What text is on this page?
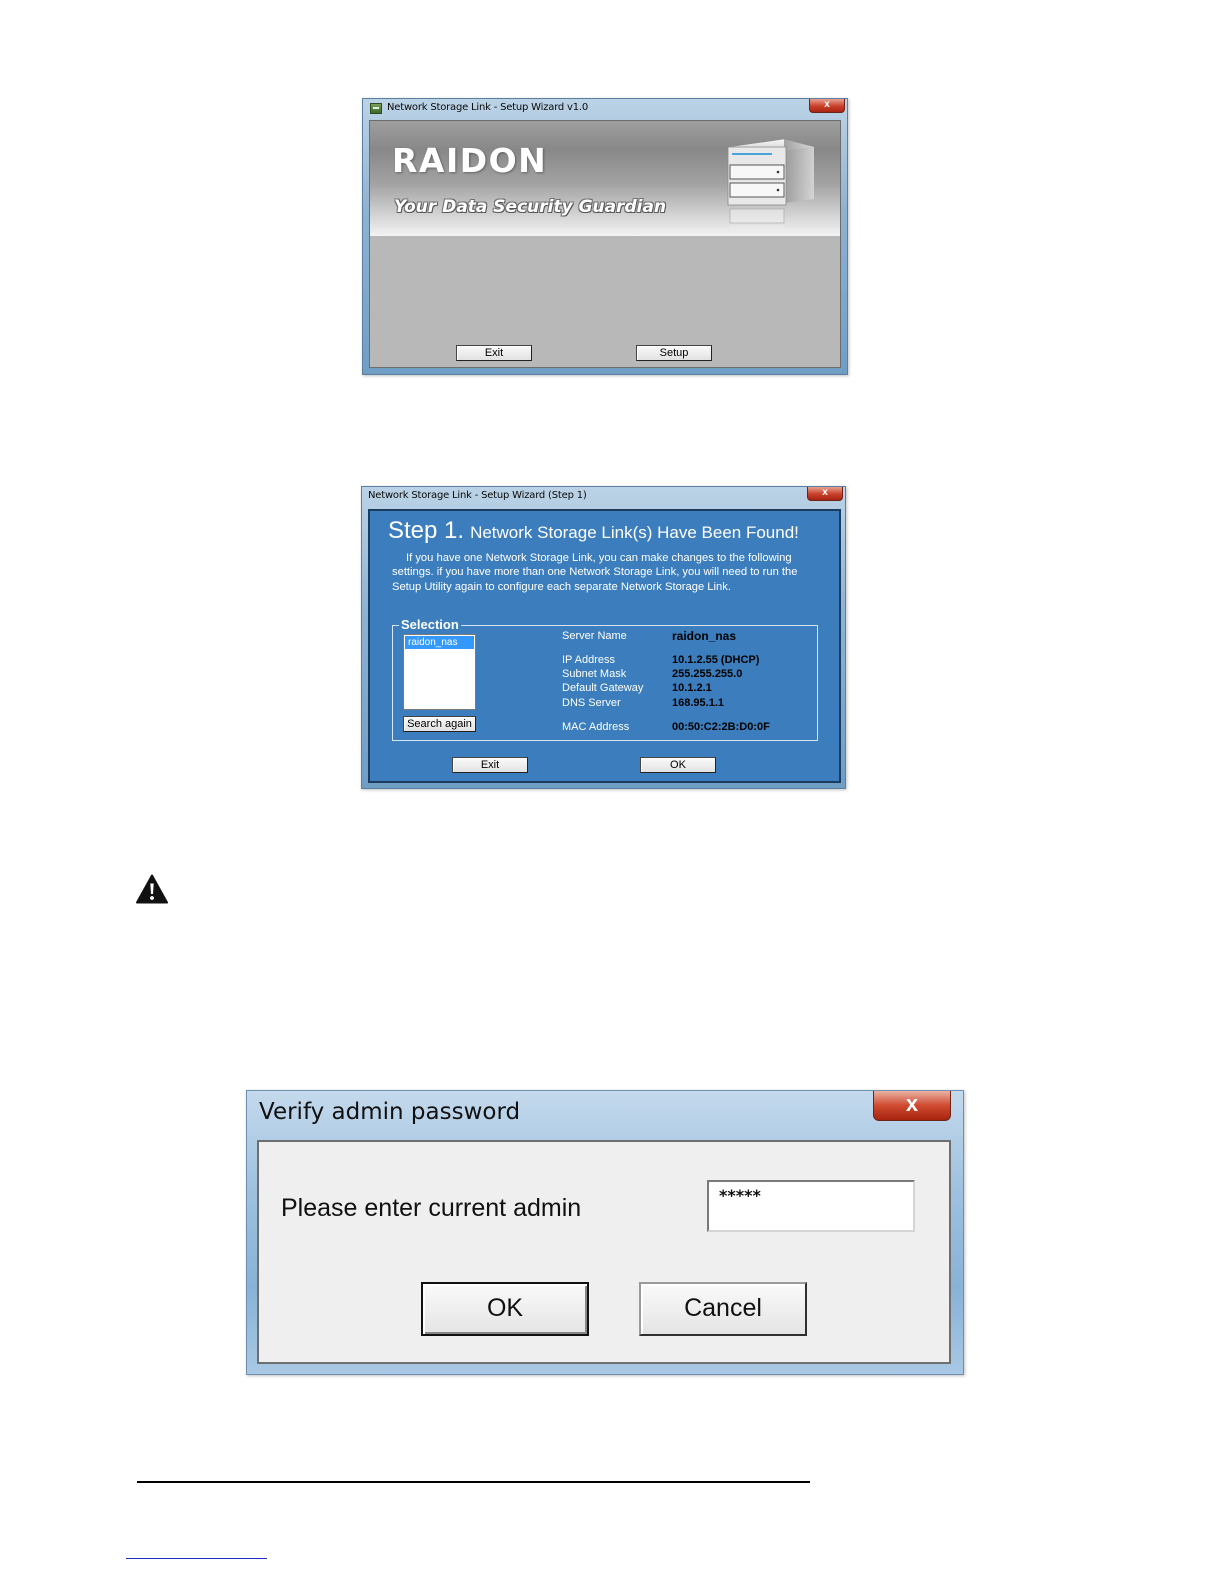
Network Storage Link - Setup Wizard v1.0	x
RAIDON
Your Data Security Guardian
Exit	Setup
Network Storage Link - Setup Wizard (Step 1)	x
Step 1. Network Storage Link(s) Have Been Found!
If you have one Network Storage Link, you can make changes to the following settings. if you have more than one Network Storage Link, you will need to run the Setup Utility again to configure each separate Network Storage Link.
Selection
raidon_nas
Search again
Server Name	raidon_nas
IP Address	10.1.2.55 (DHCP)
Subnet Mask	255.255.255.0
Default Gateway	10.1.2.1
DNS Server	168.95.1.1
MAC Address	00:50:C2:2B:D0:0F
Exit	OK
Verify admin password	x
Please enter current admin	*****
OK	Cancel
